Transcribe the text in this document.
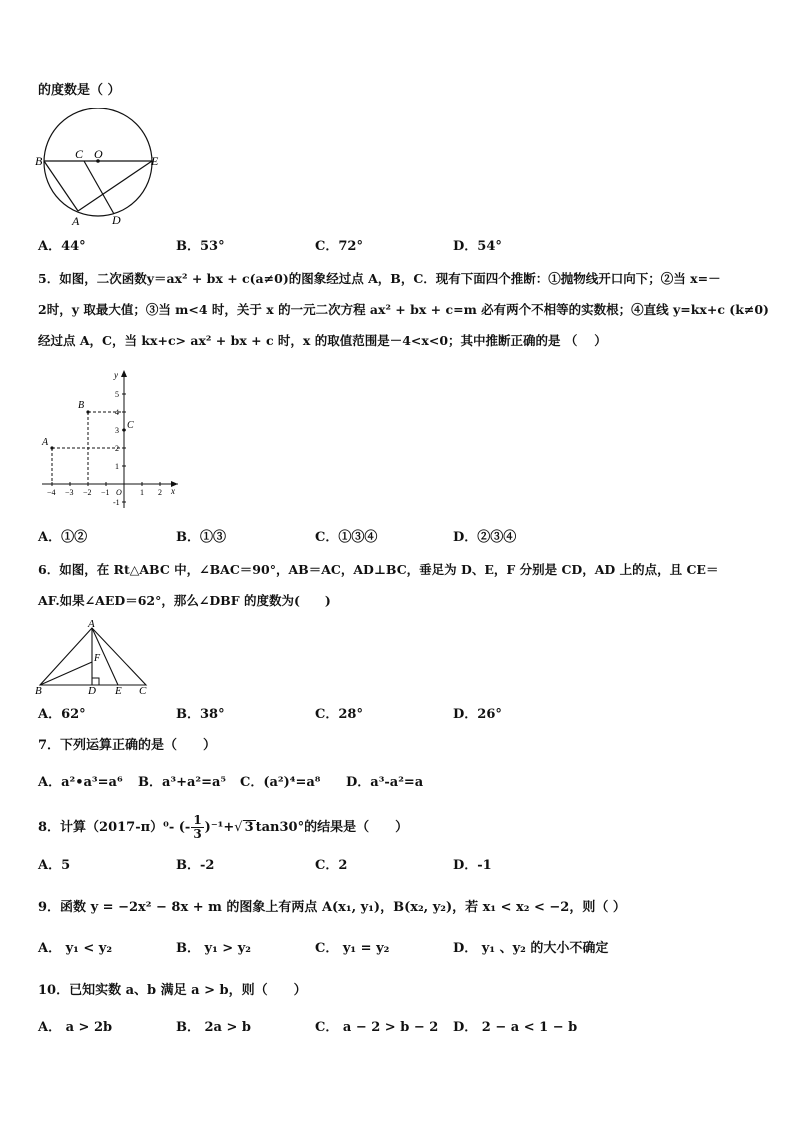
的度数是（ ）
B	C O	E
A	D
A．44°	B．53°	C．72°	D．54°
5．如图，二次函数y＝ax² + bx + c(a≠0)的图象经过点 A，B，C．现有下面四个推断：①抛物线开口向下；②当 x=－
2时，y 取最大值；③当 m<4 时，关于 x 的一元二次方程 ax² + bx + c=m 必有两个不相等的实数根；④直线 y=kx+c (k≠0)
经过点 A，C，当 kx+c> ax² + bx + c 时，x 的取值范围是－4<x<0；其中推断正确的是 （　 ）
A
B
C
y
x
5
4
3
2
1
-1
−4 −3 −2 −1 O 1 2
A．①②	B．①③	C．①③④	D．②③④
6．如图，在 Rt△ABC 中，∠BAC＝90°，AB＝AC，AD⊥BC，垂足为 D、E，F 分别是 CD，AD 上的点，且 CE＝
AF.如果∠AED＝62°，那么∠DBF 的度数为(　　)
A
B	D E C
F
A．62°	B．38°	C．28°	D．26°
7．下列运算正确的是（　　）
A．a²•a³=a⁶ B．a³+a²=a⁵ C．(a²)⁴=a⁸ D．a³-a²=a
8．计算（2017-π）⁰- (- $\frac{1}{3} )^{-1}+$ √ 3 tan30°的结果是（　　）
A．5	B．-2	C．2	D．-1
9．函数 y = −2x² − 8x + m 的图象上有两点 A(x₁, y₁)，B(x₂, y₂)，若 x₁ < x₂ < −2，则（ ）
A． y₁ < y₂	B． y₁ > y₂	C． y₁ = y₂	D． y₁ 、y₂ 的大小不确定
10．已知实数 a、b 满足 a > b，则（　　）
A． a > 2b	B． 2a > b	C． a − 2 > b − 2 D． 2 − a < 1 − b
